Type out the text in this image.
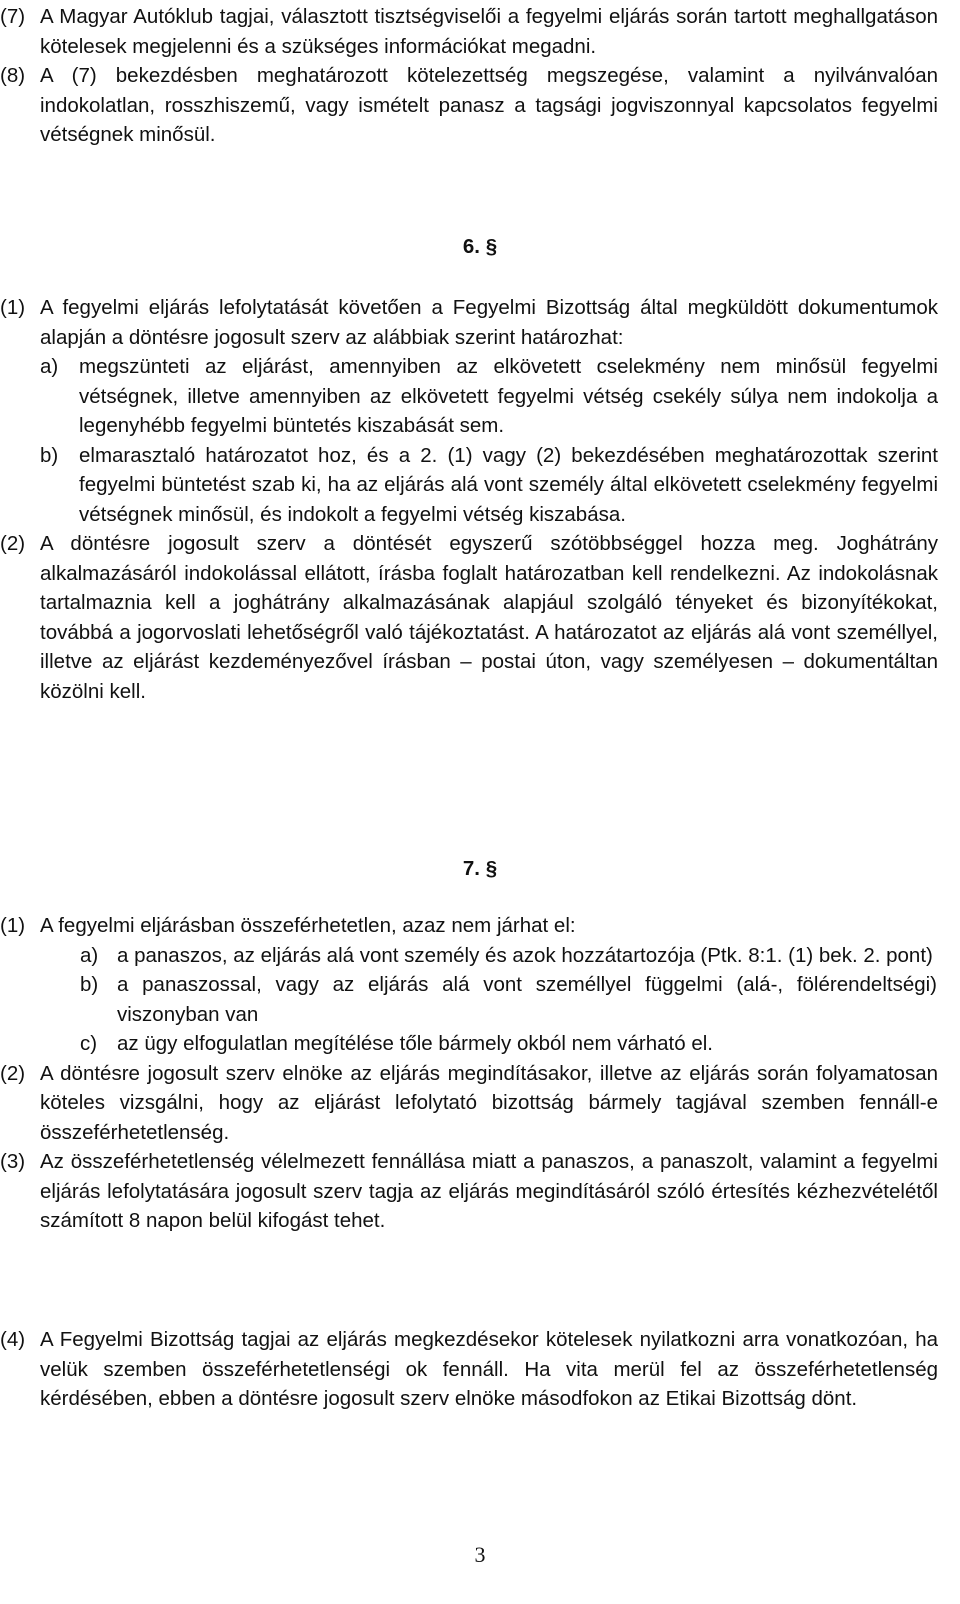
(7) A Magyar Autóklub tagjai, választott tisztségviselői a fegyelmi eljárás során tartott meghallgatáson kötelesek megjelenni és a szükséges információkat megadni.
(8) A (7) bekezdésben meghatározott kötelezettség megszegése, valamint a nyilvánvalóan indokolatlan, rosszhiszemű, vagy ismételt panasz a tagsági jogviszonnyal kapcsolatos fegyelmi vétségnek minősül.
6. §
(1) A fegyelmi eljárás lefolytatását követően a Fegyelmi Bizottság által megküldött dokumentumok alapján a döntésre jogosult szerv az alábbiak szerint határozhat:
a) megszünteti az eljárást, amennyiben az elkövetett cselekmény nem minősül fegyelmi vétségnek, illetve amennyiben az elkövetett fegyelmi vétség csekély súlya nem indokolja a legenyhébb fegyelmi büntetés kiszabását sem.
b) elmarasztaló határozatot hoz, és a 2. (1) vagy (2) bekezdésében meghatározottak szerint fegyelmi büntetést szab ki, ha az eljárás alá vont személy által elkövetett cselekmény fegyelmi vétségnek minősül, és indokolt a fegyelmi vétség kiszabása.
(2) A döntésre jogosult szerv a döntését egyszerű szótöbbséggel hozza meg. Joghátrány alkalmazásáról indokolással ellátott, írásba foglalt határozatban kell rendelkezni. Az indokolásnak tartalmaznia kell a joghátrány alkalmazásának alapjául szolgáló tényeket és bizonyítékokat, továbbá a jogorvoslati lehetőségről való tájékoztatást. A határozatot az eljárás alá vont személlyel, illetve az eljárást kezdeményezővel írásban – postai úton, vagy személyesen – dokumentáltan közölni kell.
7. §
(1) A fegyelmi eljárásban összeférhetetlen, azaz nem járhat el:
a) a panaszos, az eljárás alá vont személy és azok hozzátartozója (Ptk. 8:1. (1) bek. 2. pont)
b) a panaszossal, vagy az eljárás alá vont személlyel függelmi (alá-, fölérendeltségi) viszonyban van
c) az ügy elfogulatlan megítélése tőle bármely okból nem várható el.
(2) A döntésre jogosult szerv elnöke az eljárás megindításakor, illetve az eljárás során folyamatosan köteles vizsgálni, hogy az eljárást lefolytató bizottság bármely tagjával szemben fennáll-e összeférhetetlenség.
(3) Az összeférhetetlenség vélelmezett fennállása miatt a panaszos, a panaszolt, valamint a fegyelmi eljárás lefolytatására jogosult szerv tagja az eljárás megindításáról szóló értesítés kézhezvételétől számított 8 napon belül kifogást tehet.
(4) A Fegyelmi Bizottság tagjai az eljárás megkezdésekor kötelesek nyilatkozni arra vonatkozóan, ha velük szemben összeférhetetlenségi ok fennáll. Ha vita merül fel az összeférhetetlenség kérdésében, ebben a döntésre jogosult szerv elnöke másodfokon az Etikai Bizottság dönt.
3
